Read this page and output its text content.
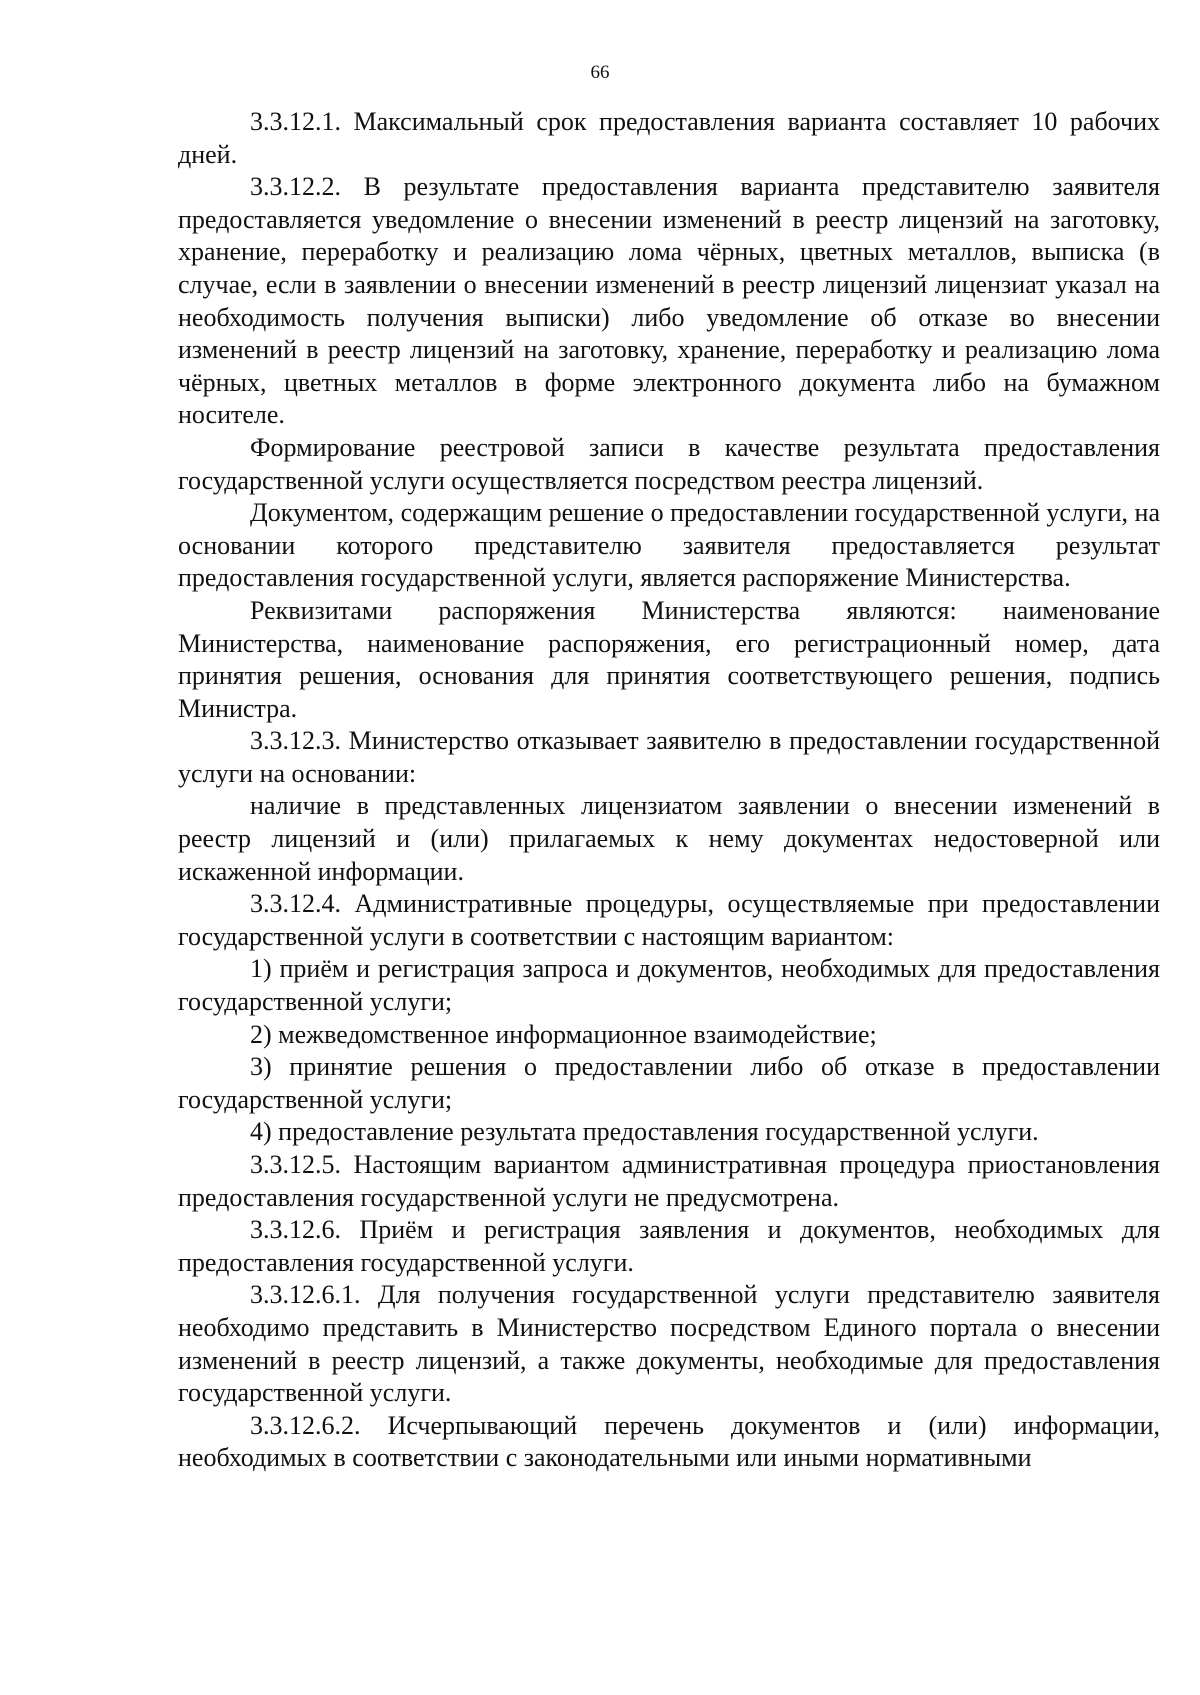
66

3.3.12.1. Максимальный срок предоставления варианта составляет 10 рабочих дней.

3.3.12.2. В результате предоставления варианта представителю заявителя предоставляется уведомление о внесении изменений в реестр лицензий на заготовку, хранение, переработку и реализацию лома чёрных, цветных металлов, выписка (в случае, если в заявлении о внесении изменений в реестр лицензий лицензиат указал на необходимость получения выписки) либо уведомление об отказе во внесении изменений в реестр лицензий на заготовку, хранение, переработку и реализацию лома чёрных, цветных металлов в форме электронного документа либо на бумажном носителе.

Формирование реестровой записи в качестве результата предоставления государственной услуги осуществляется посредством реестра лицензий.

Документом, содержащим решение о предоставлении государственной услуги, на основании которого представителю заявителя предоставляется результат предоставления государственной услуги, является распоряжение Министерства.

Реквизитами распоряжения Министерства являются: наименование Министерства, наименование распоряжения, его регистрационный номер, дата принятия решения, основания для принятия соответствующего решения, подпись Министра.

3.3.12.3. Министерство отказывает заявителю в предоставлении государственной услуги на основании:

наличие в представленных лицензиатом заявлении о внесении изменений в реестр лицензий и (или) прилагаемых к нему документах недостоверной или искаженной информации.

3.3.12.4. Административные процедуры, осуществляемые при предоставлении государственной услуги в соответствии с настоящим вариантом:

1) приём и регистрация запроса и документов, необходимых для предоставления государственной услуги;

2) межведомственное информационное взаимодействие;

3) принятие решения о предоставлении либо об отказе в предоставлении государственной услуги;

4) предоставление результата предоставления государственной услуги.

3.3.12.5. Настоящим вариантом административная процедура приостановления предоставления государственной услуги не предусмотрена.

3.3.12.6. Приём и регистрация заявления и документов, необходимых для предоставления государственной услуги.

3.3.12.6.1. Для получения государственной услуги представителю заявителя необходимо представить в Министерство посредством Единого портала о внесении изменений в реестр лицензий, а также документы, необходимые для предоставления государственной услуги.

3.3.12.6.2. Исчерпывающий перечень документов и (или) информации, необходимых в соответствии с законодательными или иными нормативными
